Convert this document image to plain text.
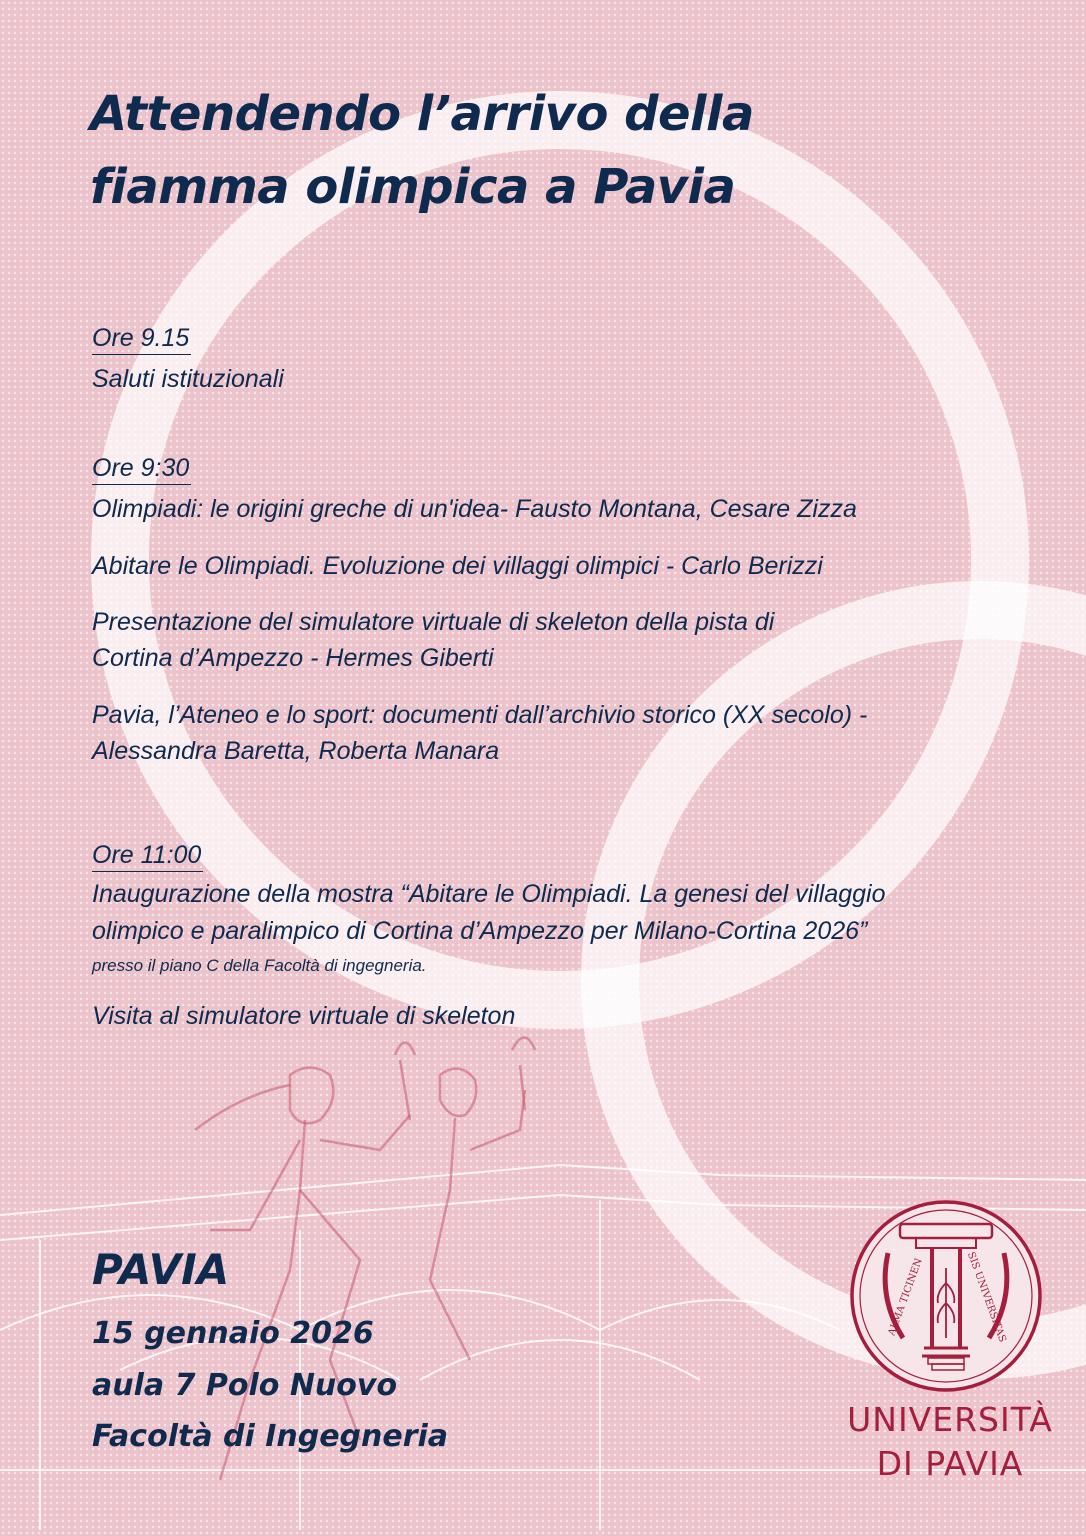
Attendendo l’arrivo della
fiamma olimpica a Pavia
Ore 9.15

Saluti istituzionali

Ore 9:30

Olimpiadi: le origini greche di un'idea- Fausto Montana, Cesare Zizza

Abitare le Olimpiadi. Evoluzione dei villaggi olimpici - Carlo Berizzi

Presentazione del simulatore virtuale di skeleton della pista di

Cortina d’Ampezzo - Hermes Giberti

Pavia, l’Ateneo e lo sport: documenti dall’archivio storico (XX secolo) -

Alessandra Baretta, Roberta Manara

Ore 11:00

Inaugurazione della mostra “Abitare le Olimpiadi. La genesi del villaggio

olimpico e paralimpico di Cortina d’Ampezzo per Milano-Cortina 2026”

presso il piano C della Facoltà di ingegneria.

Visita al simulatore virtuale di skeleton

PAVIA

15 gennaio 2026

aula 7 Polo Nuovo

Facoltà di Ingegneria

ALMA TICINEN	SIS UNIVERSITAS
UNIVERSITÀ
DI PAVIA
